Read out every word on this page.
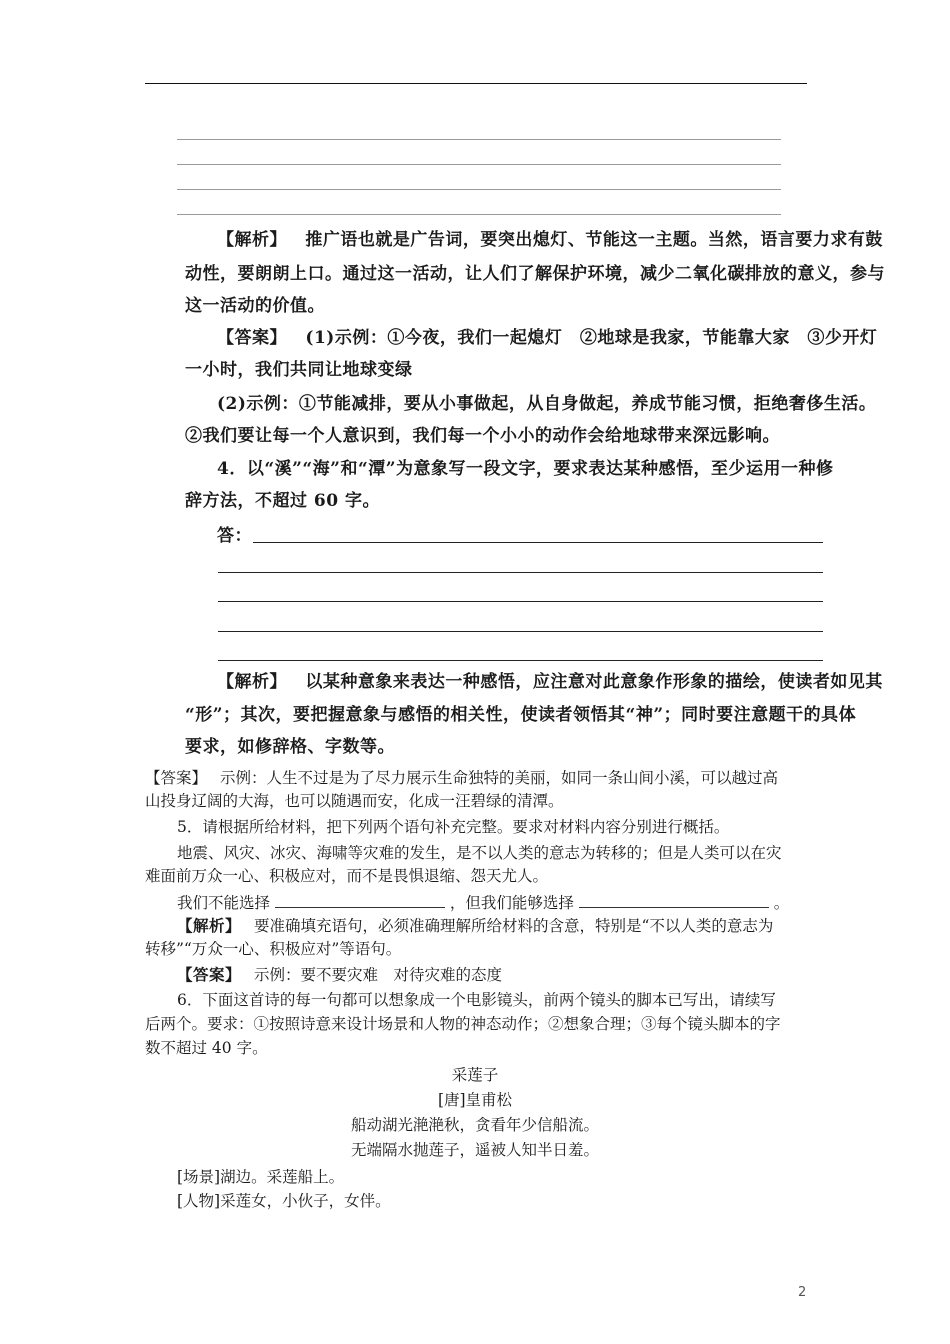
【解析】 推广语也就是广告词，要突出熄灯、节能这一主题。当然，语言要力求有鼓
动性，要朗朗上口。通过这一活动，让人们了解保护环境，减少二氧化碳排放的意义，参与
这一活动的价值。
【答案】 (1)示例：①今夜，我们一起熄灯　②地球是我家，节能靠大家　③少开灯
一小时，我们共同让地球变绿
(2)示例：①节能减排，要从小事做起，从自身做起，养成节能习惯，拒绝奢侈生活。
②我们要让每一个人意识到，我们每一个小小的动作会给地球带来深远影响。
4．以“溪”“海”和“潭”为意象写一段文字，要求表达某种感悟，至少运用一种修
辞方法，不超过 60 字。
答：
【解析】 以某种意象来表达一种感悟，应注意对此意象作形象的描绘，使读者如见其
“形”；其次，要把握意象与感悟的相关性，使读者领悟其“神”；同时要注意题干的具体
要求，如修辞格、字数等。
【答案】 示例：人生不过是为了尽力展示生命独特的美丽，如同一条山间小溪，可以越过高
山投身辽阔的大海，也可以随遇而安，化成一汪碧绿的清潭。
5．请根据所给材料，把下列两个语句补充完整。要求对材料内容分别进行概括。
地震、风灾、冰灾、海啸等灾难的发生，是不以人类的意志为转移的；但是人类可以在灾
难面前万众一心、积极应对，而不是畏惧退缩、怨天尤人。
我们不能选择	，但我们能够选择	。
【解析】 要准确填充语句，必须准确理解所给材料的含意，特别是“不以人类的意志为
转移”“万众一心、积极应对”等语句。
【答案】 示例：要不要灾难　对待灾难的态度
6．下面这首诗的每一句都可以想象成一个电影镜头，前两个镜头的脚本已写出，请续写
后两个。要求：①按照诗意来设计场景和人物的神态动作；②想象合理；③每个镜头脚本的字
数不超过 40 字。
采莲子
[唐]皇甫松
船动湖光滟滟秋，贪看年少信船流。
无端隔水抛莲子，遥被人知半日羞。
[场景]湖边。采莲船上。
[人物]采莲女，小伙子，女伴。
2
